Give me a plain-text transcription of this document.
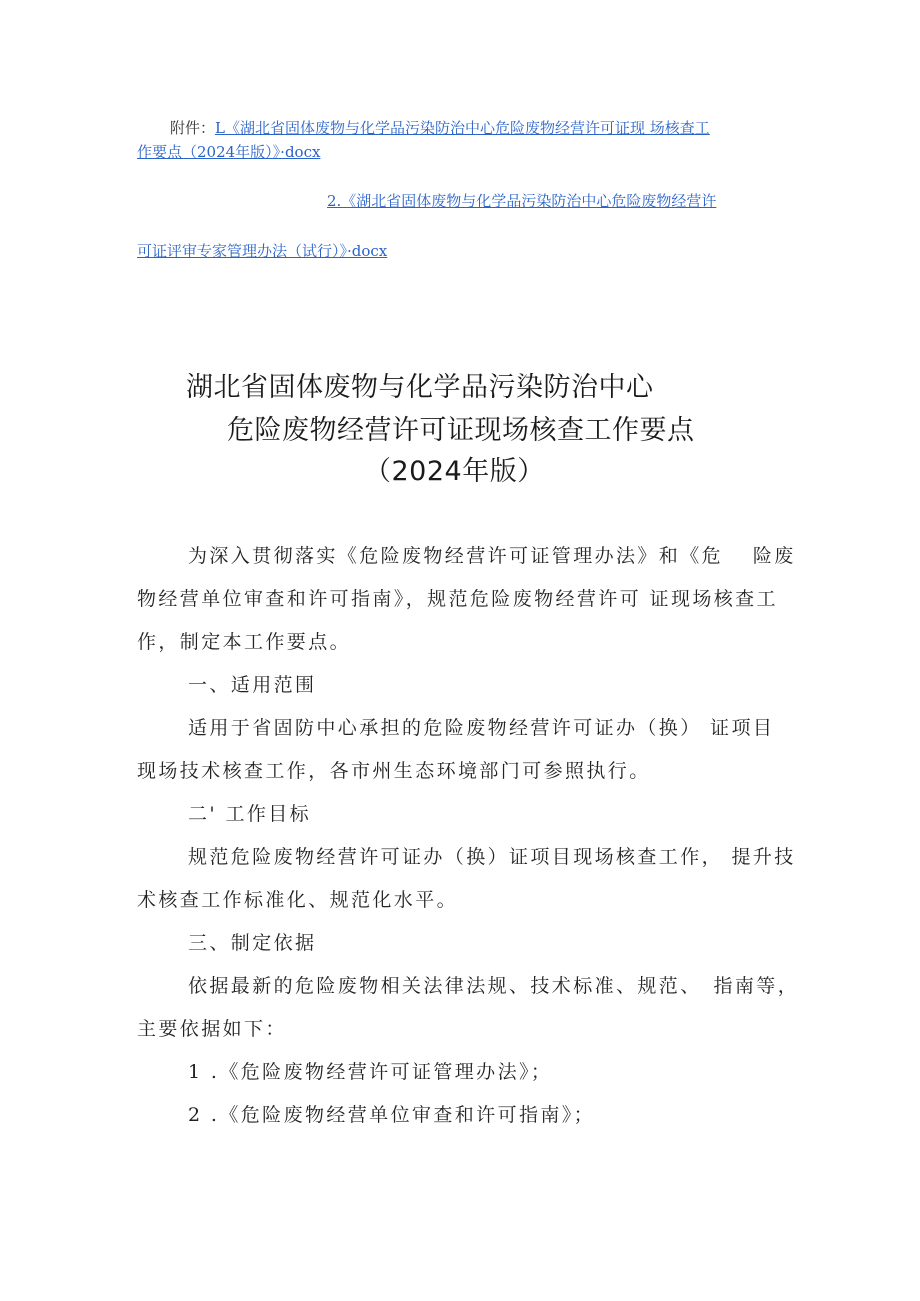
附件：L《湖北省固体废物与化学品污染防治中心危险废物经营许可证现 场核查工
作要点（2024年版）》·docx
2.《湖北省固体废物与化学品污染防治中心危险废物经营许
可证评审专家管理办法（试行）》·docx
湖北省固体废物与化学品污染防治中心
危险废物经营许可证现场核查工作要点
（2024年版）
为深入贯彻落实《危险废物经营许可证管理办法》和《危　 险废
物经营单位审查和许可指南》，规范危险废物经营许可 证现场核查工
作，制定本工作要点。
一、适用范围
适用于省固防中心承担的危险废物经营许可证办（换） 证项目
现场技术核查工作，各市州生态环境部门可参照执行。
二' 工作目标
规范危险废物经营许可证办（换）证项目现场核查工作， 提升技
术核查工作标准化、规范化水平。
三、制定依据
依据最新的危险废物相关法律法规、技术标准、规范、　指南等，
主要依据如下：
1 .《危险废物经营许可证管理办法》；
2 .《危险废物经营单位审查和许可指南》；
